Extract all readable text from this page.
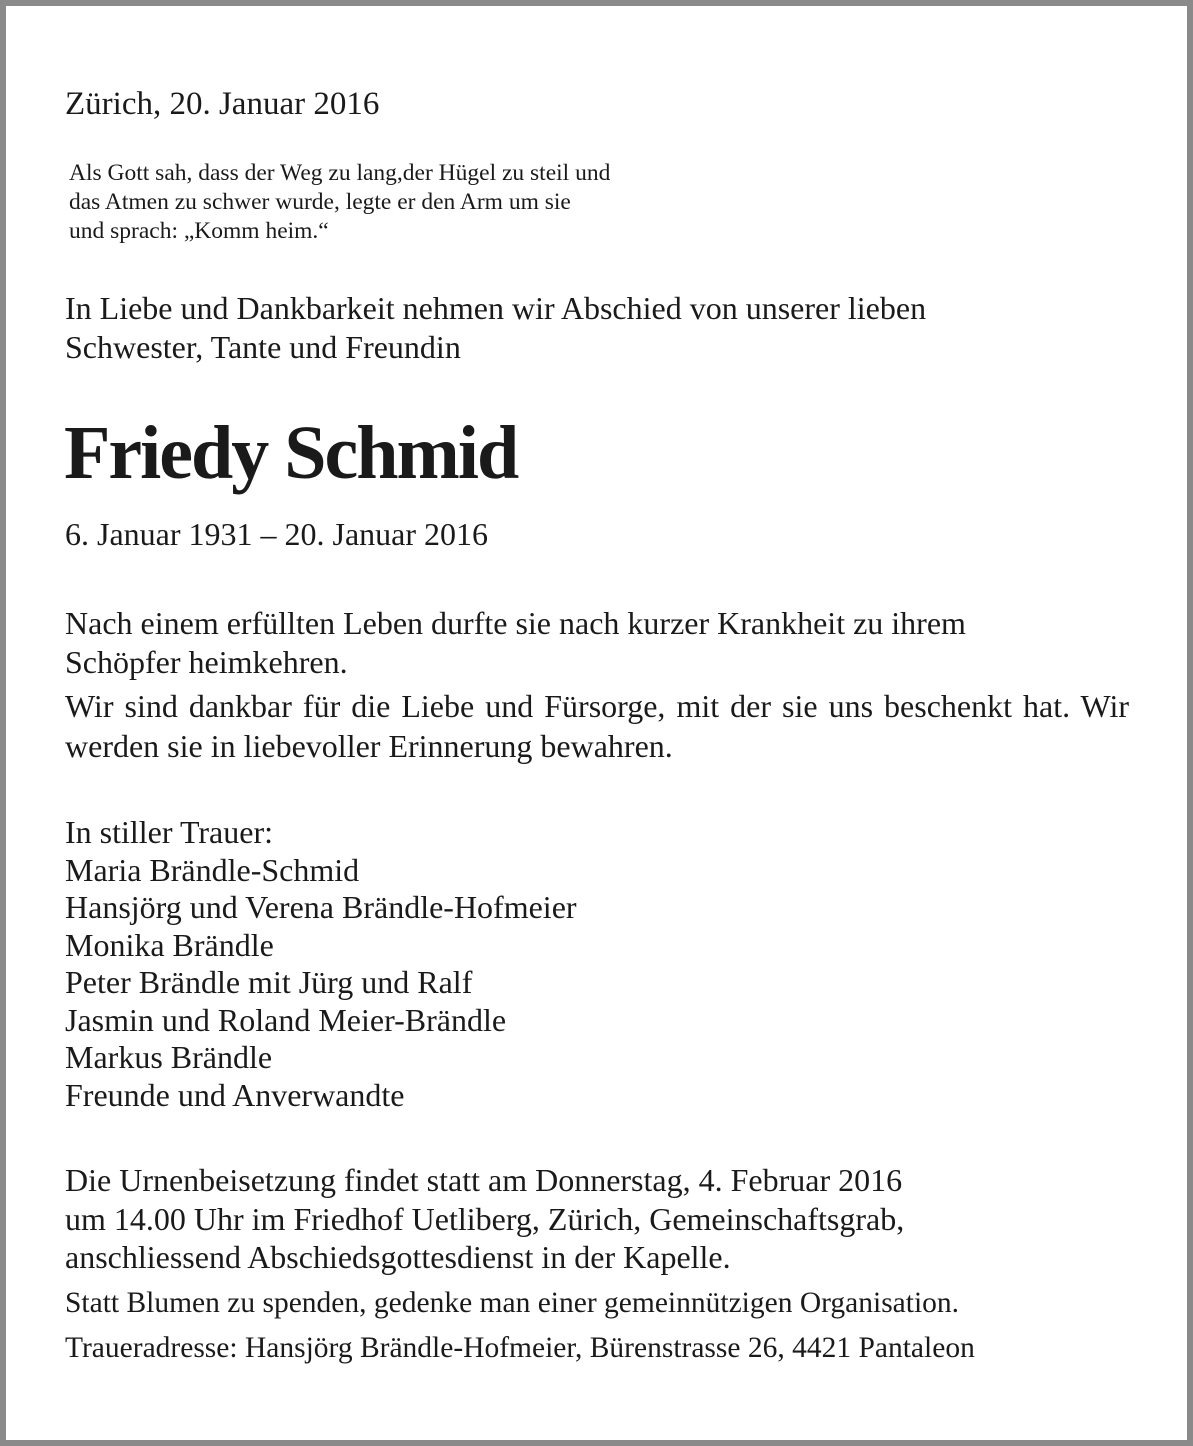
Zürich, 20. Januar 2016

Als Gott sah, dass der Weg zu lang,der Hügel zu steil und
das Atmen zu schwer wurde, legte er den Arm um sie
und sprach: „Komm heim.“

In Liebe und Dankbarkeit nehmen wir Abschied von unserer lieben
Schwester, Tante und Freundin

Friedy Schmid

6. Januar 1931 – 20. Januar 2016

Nach einem erfüllten Leben durfte sie nach kurzer Krankheit zu ihrem
Schöpfer heimkehren.

Wir sind dankbar für die Liebe und Fürsorge, mit der sie uns beschenkt hat. Wir werden sie in liebevoller Erinnerung bewahren.

In stiller Trauer:
Maria Brändle-Schmid
Hansjörg und Verena Brändle-Hofmeier
Monika Brändle
Peter Brändle mit Jürg und Ralf
Jasmin und Roland Meier-Brändle
Markus Brändle
Freunde und Anverwandte

Die Urnenbeisetzung findet statt am Donnerstag, 4. Februar 2016
um 14.00 Uhr im Friedhof Uetliberg, Zürich, Gemeinschaftsgrab,
anschliessend Abschiedsgottesdienst in der Kapelle.

Statt Blumen zu spenden, gedenke man einer gemeinnützigen Organisation.

Traueradresse: Hansjörg Brändle-Hofmeier, Bürenstrasse 26, 4421 Pantaleon
